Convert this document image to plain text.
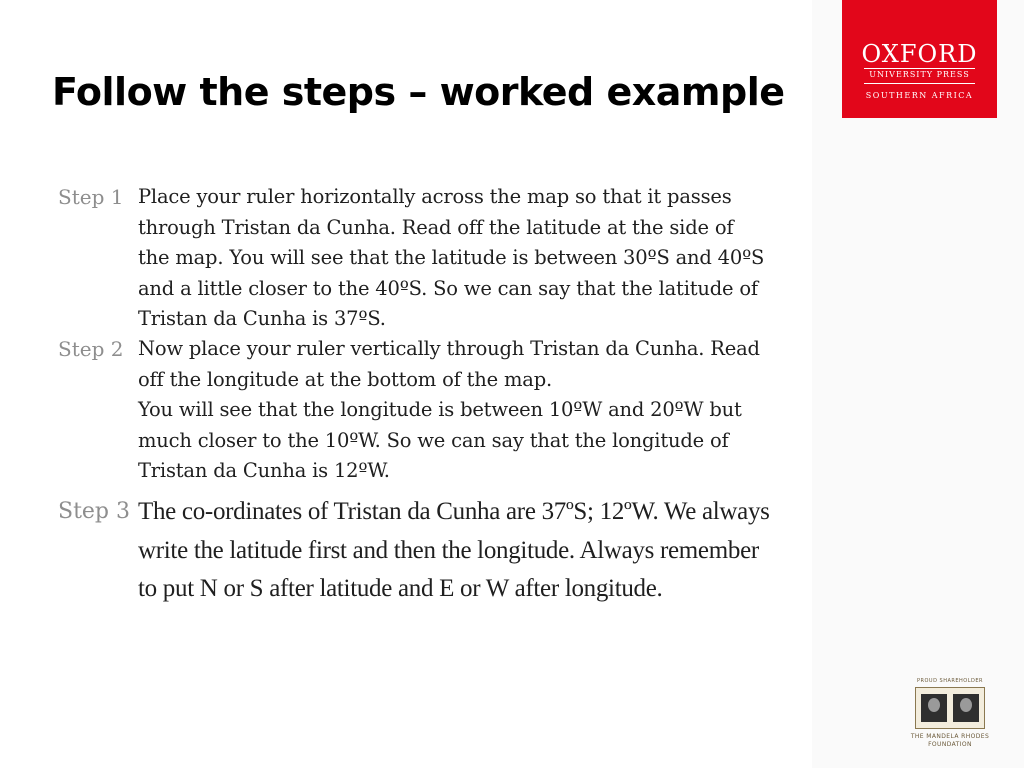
Follow the steps – worked example
OXFORD
UNIVERSITY PRESS
SOUTHERN AFRICA
Step 1 Place your ruler horizontally across the map so that it passes
through Tristan da Cunha. Read off the latitude at the side of
the map. You will see that the latitude is between 30ºS and 40ºS
and a little closer to the 40ºS. So we can say that the latitude of
Tristan da Cunha is 37ºS.
Step 2 Now place your ruler vertically through Tristan da Cunha. Read
off the longitude at the bottom of the map.
You will see that the longitude is between 10ºW and 20ºW but
much closer to the 10ºW. So we can say that the longitude of
Tristan da Cunha is 12ºW.
Step 3 The co-ordinates of Tristan da Cunha are 37ºS; 12ºW. We always
write the latitude first and then the longitude. Always remember
to put N or S after latitude and E or W after longitude.
PROUD SHAREHOLDER
THE MANDELA RHODES
FOUNDATION
